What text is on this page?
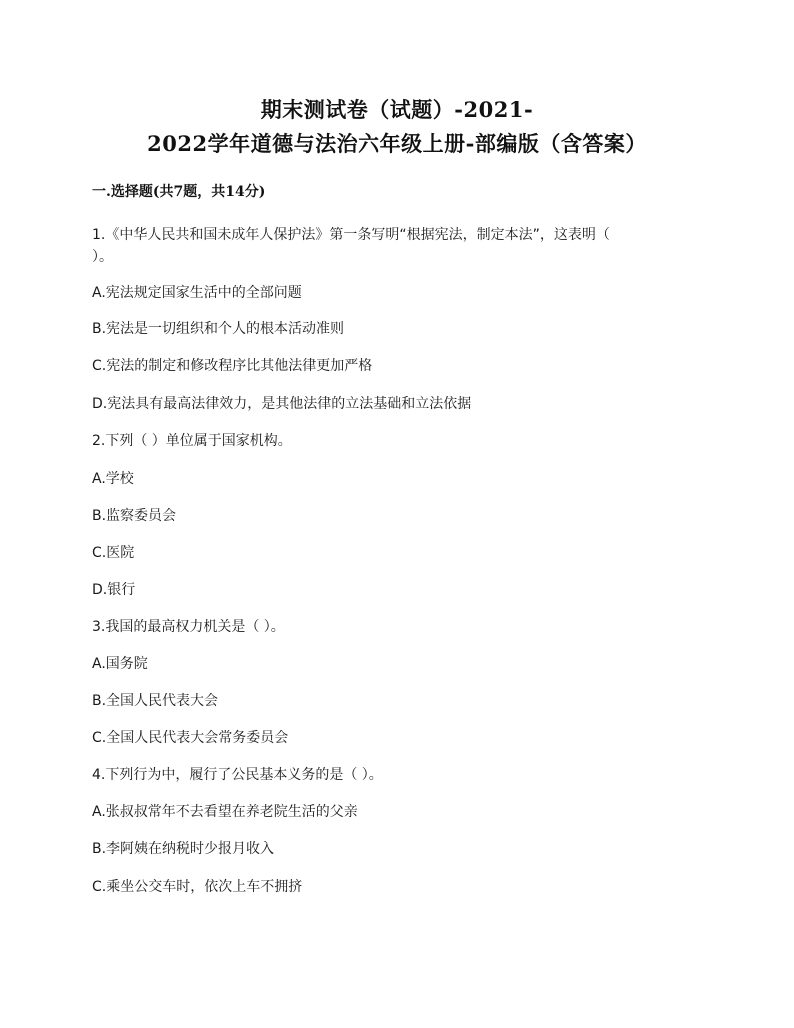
期末测试卷（试题）-2021-
2022学年道德与法治六年级上册-部编版（含答案）
一.选择题(共7题，共14分)
1.《中华人民共和国未成年人保护法》第一条写明“根据宪法，制定本法”，这表明（
）。
A.宪法规定国家生活中的全部问题
B.宪法是一切组织和个人的根本活动准则
C.宪法的制定和修改程序比其他法律更加严格
D.宪法具有最高法律效力，是其他法律的立法基础和立法依据
2.下列（ ）单位属于国家机构。
A.学校
B.监察委员会
C.医院
D.银行
3.我国的最高权力机关是（ ）。
A.国务院
B.全国人民代表大会
C.全国人民代表大会常务委员会
4.下列行为中，履行了公民基本义务的是（ ）。
A.张叔叔常年不去看望在养老院生活的父亲
B.李阿姨在纳税时少报月收入
C.乘坐公交车时，依次上车不拥挤
